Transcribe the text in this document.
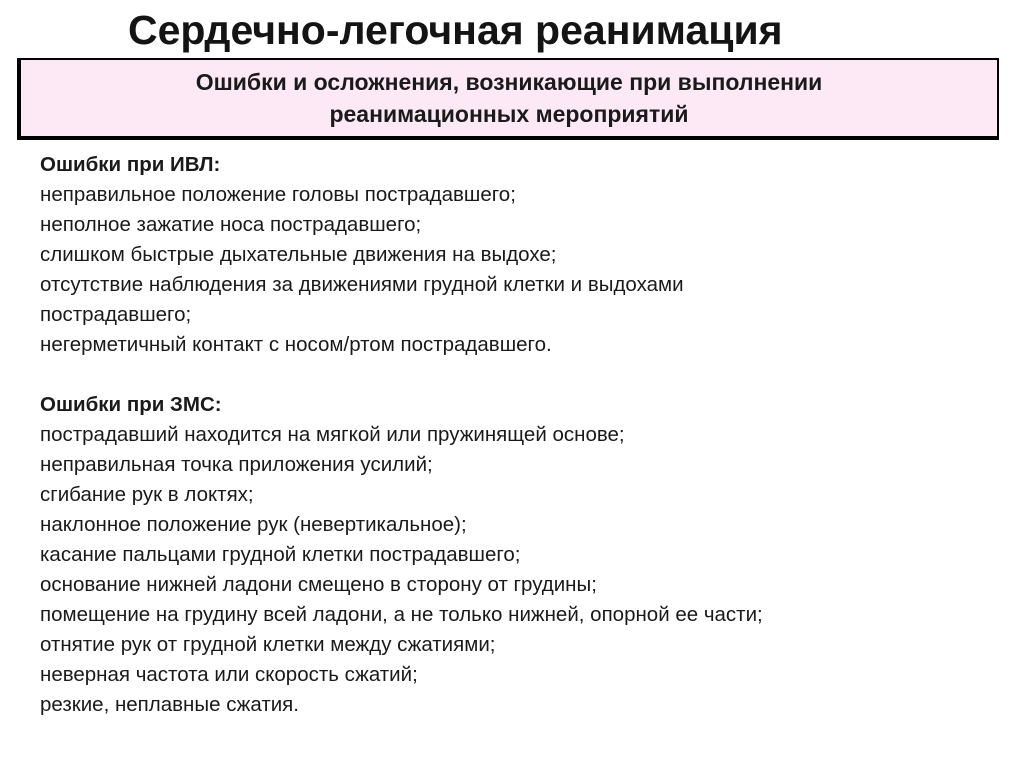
Сердечно-легочная реанимация
Ошибки и осложнения, возникающие при выполнении
реанимационных мероприятий
Ошибки при ИВЛ:
неправильное положение головы пострадавшего;
неполное зажатие носа пострадавшего;
слишком быстрые дыхательные движения на выдохе;
отсутствие наблюдения за движениями грудной клетки и выдохами
пострадавшего;
негерметичный контакт с носом/ртом пострадавшего.
Ошибки при ЗМС:
пострадавший находится на мягкой или пружинящей основе;
неправильная точка приложения усилий;
сгибание рук в локтях;
наклонное положение рук (невертикальное);
касание пальцами грудной клетки пострадавшего;
основание нижней ладони смещено в сторону от грудины;
помещение на грудину всей ладони, а не только нижней, опорной ее части;
отнятие рук от грудной клетки между сжатиями;
неверная частота или скорость сжатий;
резкие, неплавные сжатия.
